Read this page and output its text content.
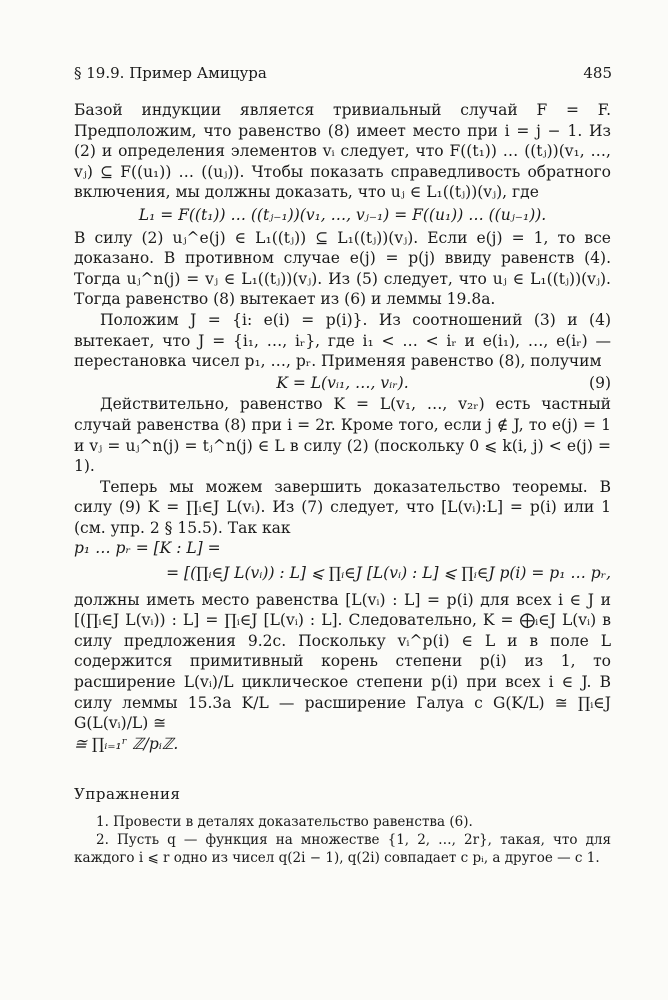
§ 19.9. Пример Амицура	485

Базой индукции является тривиальный случай F = F. Предположим, что равенство (8) имеет место при i = j − 1. Из (2) и определения элементов vᵢ следует, что F((t₁)) … ((tⱼ))(v₁, …, vⱼ) ⊆ F((u₁)) … ((uⱼ)). Чтобы показать справедливость обратного включения, мы должны доказать, что uⱼ ∈ L₁((tⱼ))(vⱼ), где

L₁ = F((t₁)) … ((tⱼ₋₁))(v₁, …, vⱼ₋₁) = F((u₁)) … ((uⱼ₋₁)).

В силу (2) uⱼ^e(j) ∈ L₁((tⱼ)) ⊆ L₁((tⱼ))(vⱼ). Если e(j) = 1, то все доказано. В противном случае e(j) = p(j) ввиду равенств (4). Тогда uⱼ^n(j) = vⱼ ∈ L₁((tⱼ))(vⱼ). Из (5) следует, что uⱼ ∈ L₁((tⱼ))(vⱼ). Тогда равенство (8) вытекает из (6) и леммы 19.8a.

Положим J = {i: e(i) = p(i)}. Из соотношений (3) и (4) вытекает, что J = {i₁, …, iᵣ}, где i₁ < … < iᵣ и e(i₁), …, e(iᵣ) — перестановка чисел p₁, …, pᵣ. Применяя равенство (8), получим

K = L(vᵢ₁, …, vᵢᵣ).	(9)

Действительно, равенство K = L(v₁, …, v₂ᵣ) есть частный случай равенства (8) при i = 2r. Кроме того, если j ∉ J, то e(j) = 1 и vⱼ = uⱼ^n(j) = tⱼ^n(j) ∈ L в силу (2) (поскольку 0 ⩽ k(i, j) < e(j) = 1).

Теперь мы можем завершить доказательство теоремы. В силу (9) K = ∏ᵢ∈J L(vᵢ). Из (7) следует, что [L(vᵢ):L] = p(i) или 1 (см. упр. 2 § 15.5). Так как

p₁ … pᵣ = [K : L] =
= [(∏ᵢ∈J L(vᵢ)) : L] ⩽ ∏ᵢ∈J [L(vᵢ) : L] ⩽ ∏ᵢ∈J p(i) = p₁ … pᵣ,

должны иметь место равенства [L(vᵢ) : L] = p(i) для всех i ∈ J и [(∏ᵢ∈J L(vᵢ)) : L] = ∏ᵢ∈J [L(vᵢ) : L]. Следовательно, K = ⨁ᵢ∈J L(vᵢ) в силу предложения 9.2c. Поскольку vᵢ^p(i) ∈ L и в поле L содержится примитивный корень степени p(i) из 1, то расширение L(vᵢ)/L циклическое степени p(i) при всех i ∈ J. В силу леммы 15.3a K/L — расширение Галуа с G(K/L) ≅ ∏ᵢ∈J G(L(vᵢ)/L) ≅

≅ ∏ᵢ₌₁ʳ ℤ/pᵢℤ.
Упражнения

1. Провести в деталях доказательство равенства (6).

2. Пусть q — функция на множестве {1, 2, …, 2r}, такая, что для каждого i ⩽ r одно из чисел q(2i − 1), q(2i) совпадает с pᵢ, а другое — с 1.
